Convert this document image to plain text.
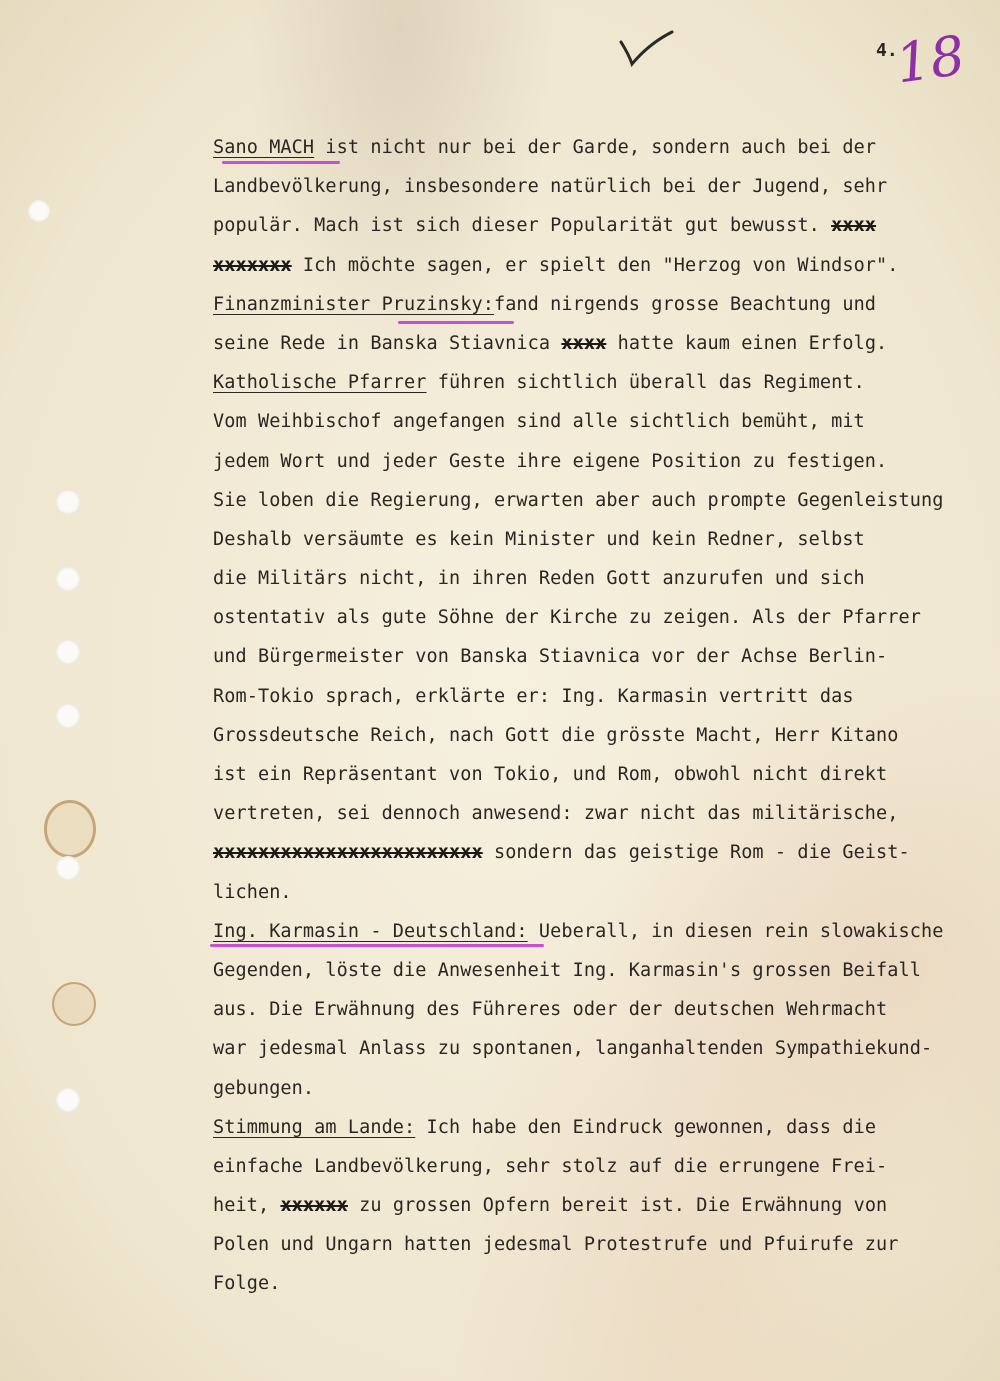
4.
18
Sano MACH ist nicht nur bei der Garde, sondern auch bei der
Landbevölkerung, insbesondere natürlich bei der Jugend, sehr
populär. Mach ist sich dieser Popularität gut bewusst. xxxx
xxxxxxx Ich möchte sagen, er spielt den "Herzog von Windsor".
Finanzminister Pruzinsky:fand nirgends grosse Beachtung und
seine Rede in Banska Stiavnica xxxx hatte kaum einen Erfolg.
Katholische Pfarrer führen sichtlich überall das Regiment.
Vom Weihbischof angefangen sind alle sichtlich bemüht, mit
jedem Wort und jeder Geste ihre eigene Position zu festigen.
Sie loben die Regierung, erwarten aber auch prompte Gegenleistung
Deshalb versäumte es kein Minister und kein Redner, selbst
die Militärs nicht, in ihren Reden Gott anzurufen und sich
ostentativ als gute Söhne der Kirche zu zeigen. Als der Pfarrer
und Bürgermeister von Banska Stiavnica vor der Achse Berlin-
Rom-Tokio sprach, erklärte er: Ing. Karmasin vertritt das
Grossdeutsche Reich, nach Gott die grösste Macht, Herr Kitano
ist ein Repräsentant von Tokio, und Rom, obwohl nicht direkt
vertreten, sei dennoch anwesend: zwar nicht das militärische,
xxxxxxxxxxxxxxxxxxxxxxxx sondern das geistige Rom - die Geist-
lichen.
Ing. Karmasin - Deutschland: Ueberall, in diesen rein slowakische
Gegenden, löste die Anwesenheit Ing. Karmasin's grossen Beifall
aus. Die Erwähnung des Führeres oder der deutschen Wehrmacht
war jedesmal Anlass zu spontanen, langanhaltenden Sympathiekund-
gebungen.
Stimmung am Lande: Ich habe den Eindruck gewonnen, dass die
einfache Landbevölkerung, sehr stolz auf die errungene Frei-
heit, xxxxxx zu grossen Opfern bereit ist. Die Erwähnung von
Polen und Ungarn hatten jedesmal Protestrufe und Pfuirufe zur
Folge.
